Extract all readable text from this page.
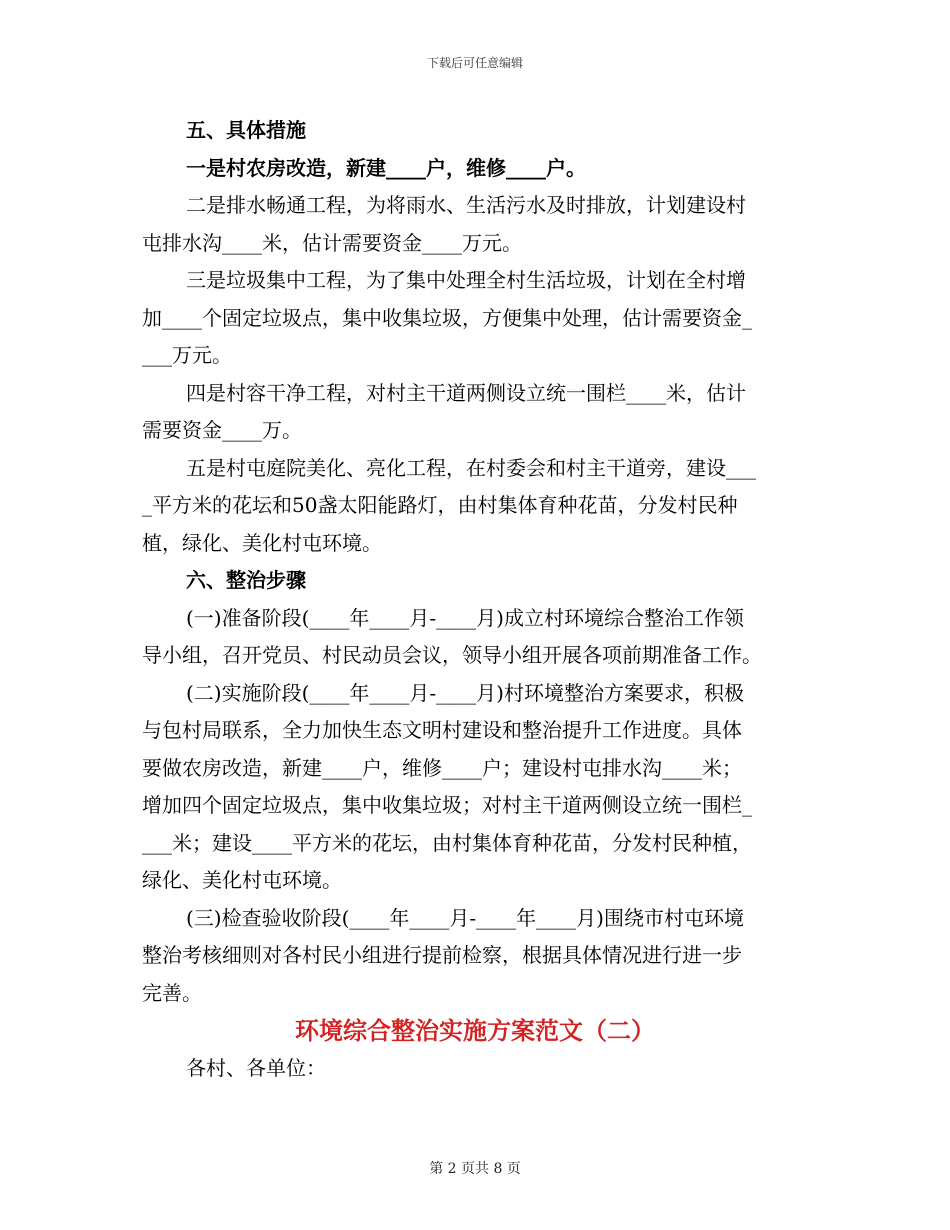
下载后可任意编辑
五、具体措施
一是村农房改造，新建____户，维修____户。
二是排水畅通工程，为将雨水、生活污水及时排放，计划建设村
屯排水沟____米，估计需要资金____万元。
三是垃圾集中工程，为了集中处理全村生活垃圾，计划在全村增
加____个固定垃圾点，集中收集垃圾，方便集中处理，估计需要资金_
___万元。
四是村容干净工程，对村主干道两侧设立统一围栏____米，估计
需要资金____万。
五是村屯庭院美化、亮化工程，在村委会和村主干道旁，建设___
_平方米的花坛和50盏太阳能路灯，由村集体育种花苗，分发村民种
植，绿化、美化村屯环境。
六、整治步骤
(一)准备阶段(____年____月-____月)成立村环境综合整治工作领
导小组，召开党员、村民动员会议，领导小组开展各项前期准备工作。
(二)实施阶段(____年____月-____月)村环境整治方案要求，积极
与包村局联系，全力加快生态文明村建设和整治提升工作进度。具体
要做农房改造，新建____户，维修____户；建设村屯排水沟____米；
增加四个固定垃圾点，集中收集垃圾；对村主干道两侧设立统一围栏_
___米；建设____平方米的花坛，由村集体育种花苗，分发村民种植，
绿化、美化村屯环境。
(三)检查验收阶段(____年____月-____年____月)围绕市村屯环境
整治考核细则对各村民小组进行提前检察，根据具体情况进行进一步
完善。
环境综合整治实施方案范文（二）
各村、各单位：
第 2 页共 8 页
